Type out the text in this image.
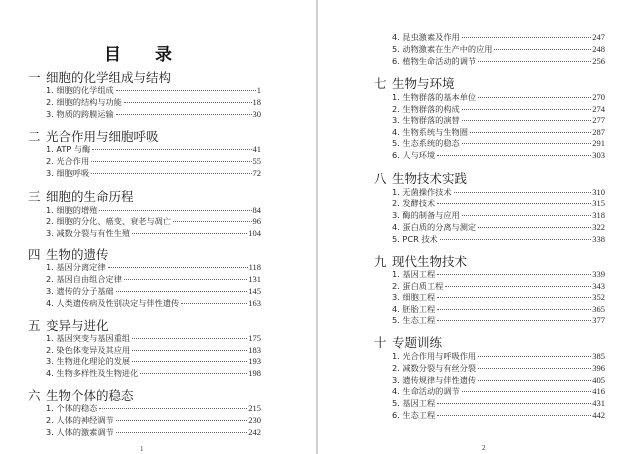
目 录
一 细胞的化学组成与结构
1. 细胞的化学组成	1
2. 细胞的结构与功能	18
3. 物质的跨膜运输	30
二 光合作用与细胞呼吸
1. ATP 与酶	41
2. 光合作用	55
3. 细胞呼吸	72
三 细胞的生命历程
1. 细胞的增殖	84
2. 细胞的分化、癌变、衰老与凋亡	96
3. 减数分裂与有性生殖	104
四 生物的遗传
1. 基因分离定律	118
2. 基因自由组合定律	131
3. 遗传的分子基础	145
4. 人类遗传病及性别决定与伴性遗传	163
五 变异与进化
1. 基因突变与基因重组	175
2. 染色体变异及其应用	183
3. 生物进化理论的发展	193
4. 生物多样性及生物进化	198
六 生物个体的稳态
1. 个体的稳态	215
2. 人体的神经调节	230
3. 人体的激素调节	242
1
4. 昆虫激素及作用	247
5. 动物激素在生产中的应用	248
6. 植物生命活动的调节	256
七 生物与环境
1. 生物群落的基本单位	270
2. 生物群落的构成	274
3. 生物群落的演替	277
4. 生物系统与生物圈	287
5. 生态系统的稳态	291
6. 人与环境	303
八 生物技术实践
1. 无菌操作技术	310
2. 发酵技术	315
3. 酶的制备与应用	318
4. 蛋白质的分离与测定	322
5. PCR 技术	338
九 现代生物技术
1. 基因工程	339
2. 蛋白质工程	343
3. 细胞工程	352
4. 胚胎工程	365
5. 生态工程	377
十 专题训练
1. 光合作用与呼吸作用	385
2. 减数分裂与有丝分裂	396
3. 遗传规律与伴性遗传	405
4. 生命活动的调节	416
5. 基因工程	431
6. 生态工程	442
2
